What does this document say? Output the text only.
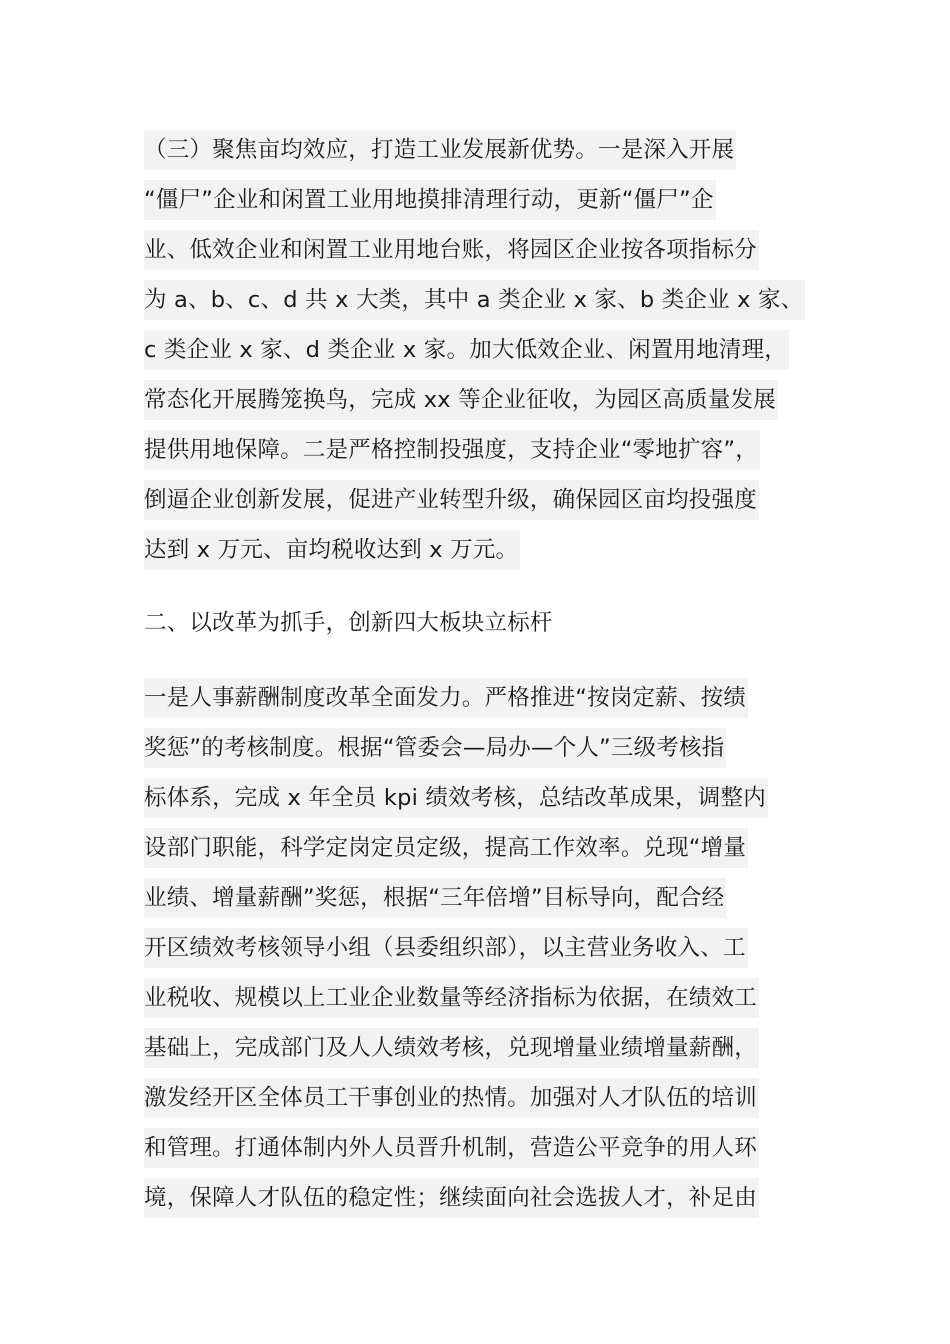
（三）聚焦亩均效应，打造工业发展新优势。一是深入开展
“僵尸”企业和闲置工业用地摸排清理行动，更新“僵尸”企
业、低效企业和闲置工业用地台账，将园区企业按各项指标分
为 a、b、c、d 共 x 大类，其中 a 类企业 x 家、b 类企业 x 家、
c 类企业 x 家、d 类企业 x 家。加大低效企业、闲置用地清理，
常态化开展腾笼换鸟，完成 xx 等企业征收，为园区高质量发展
提供用地保障。二是严格控制投强度，支持企业“零地扩容”，
倒逼企业创新发展，促进产业转型升级，确保园区亩均投强度
达到 x 万元、亩均税收达到 x 万元。
二、以改革为抓手，创新四大板块立标杆
一是人事薪酬制度改革全面发力。严格推进“按岗定薪、按绩
奖惩”的考核制度。根据“管委会—局办—个人”三级考核指
标体系，完成 x 年全员 kpi 绩效考核，总结改革成果，调整内
设部门职能，科学定岗定员定级，提高工作效率。兑现“增量
业绩、增量薪酬”奖惩，根据“三年倍增”目标导向，配合经
开区绩效考核领导小组（县委组织部），以主营业务收入、工
业税收、规模以上工业企业数量等经济指标为依据，在绩效工
基础上，完成部门及人人绩效考核，兑现增量业绩增量薪酬，
激发经开区全体员工干事创业的热情。加强对人才队伍的培训
和管理。打通体制内外人员晋升机制，营造公平竞争的用人环
境，保障人才队伍的稳定性；继续面向社会选拔人才，补足由
